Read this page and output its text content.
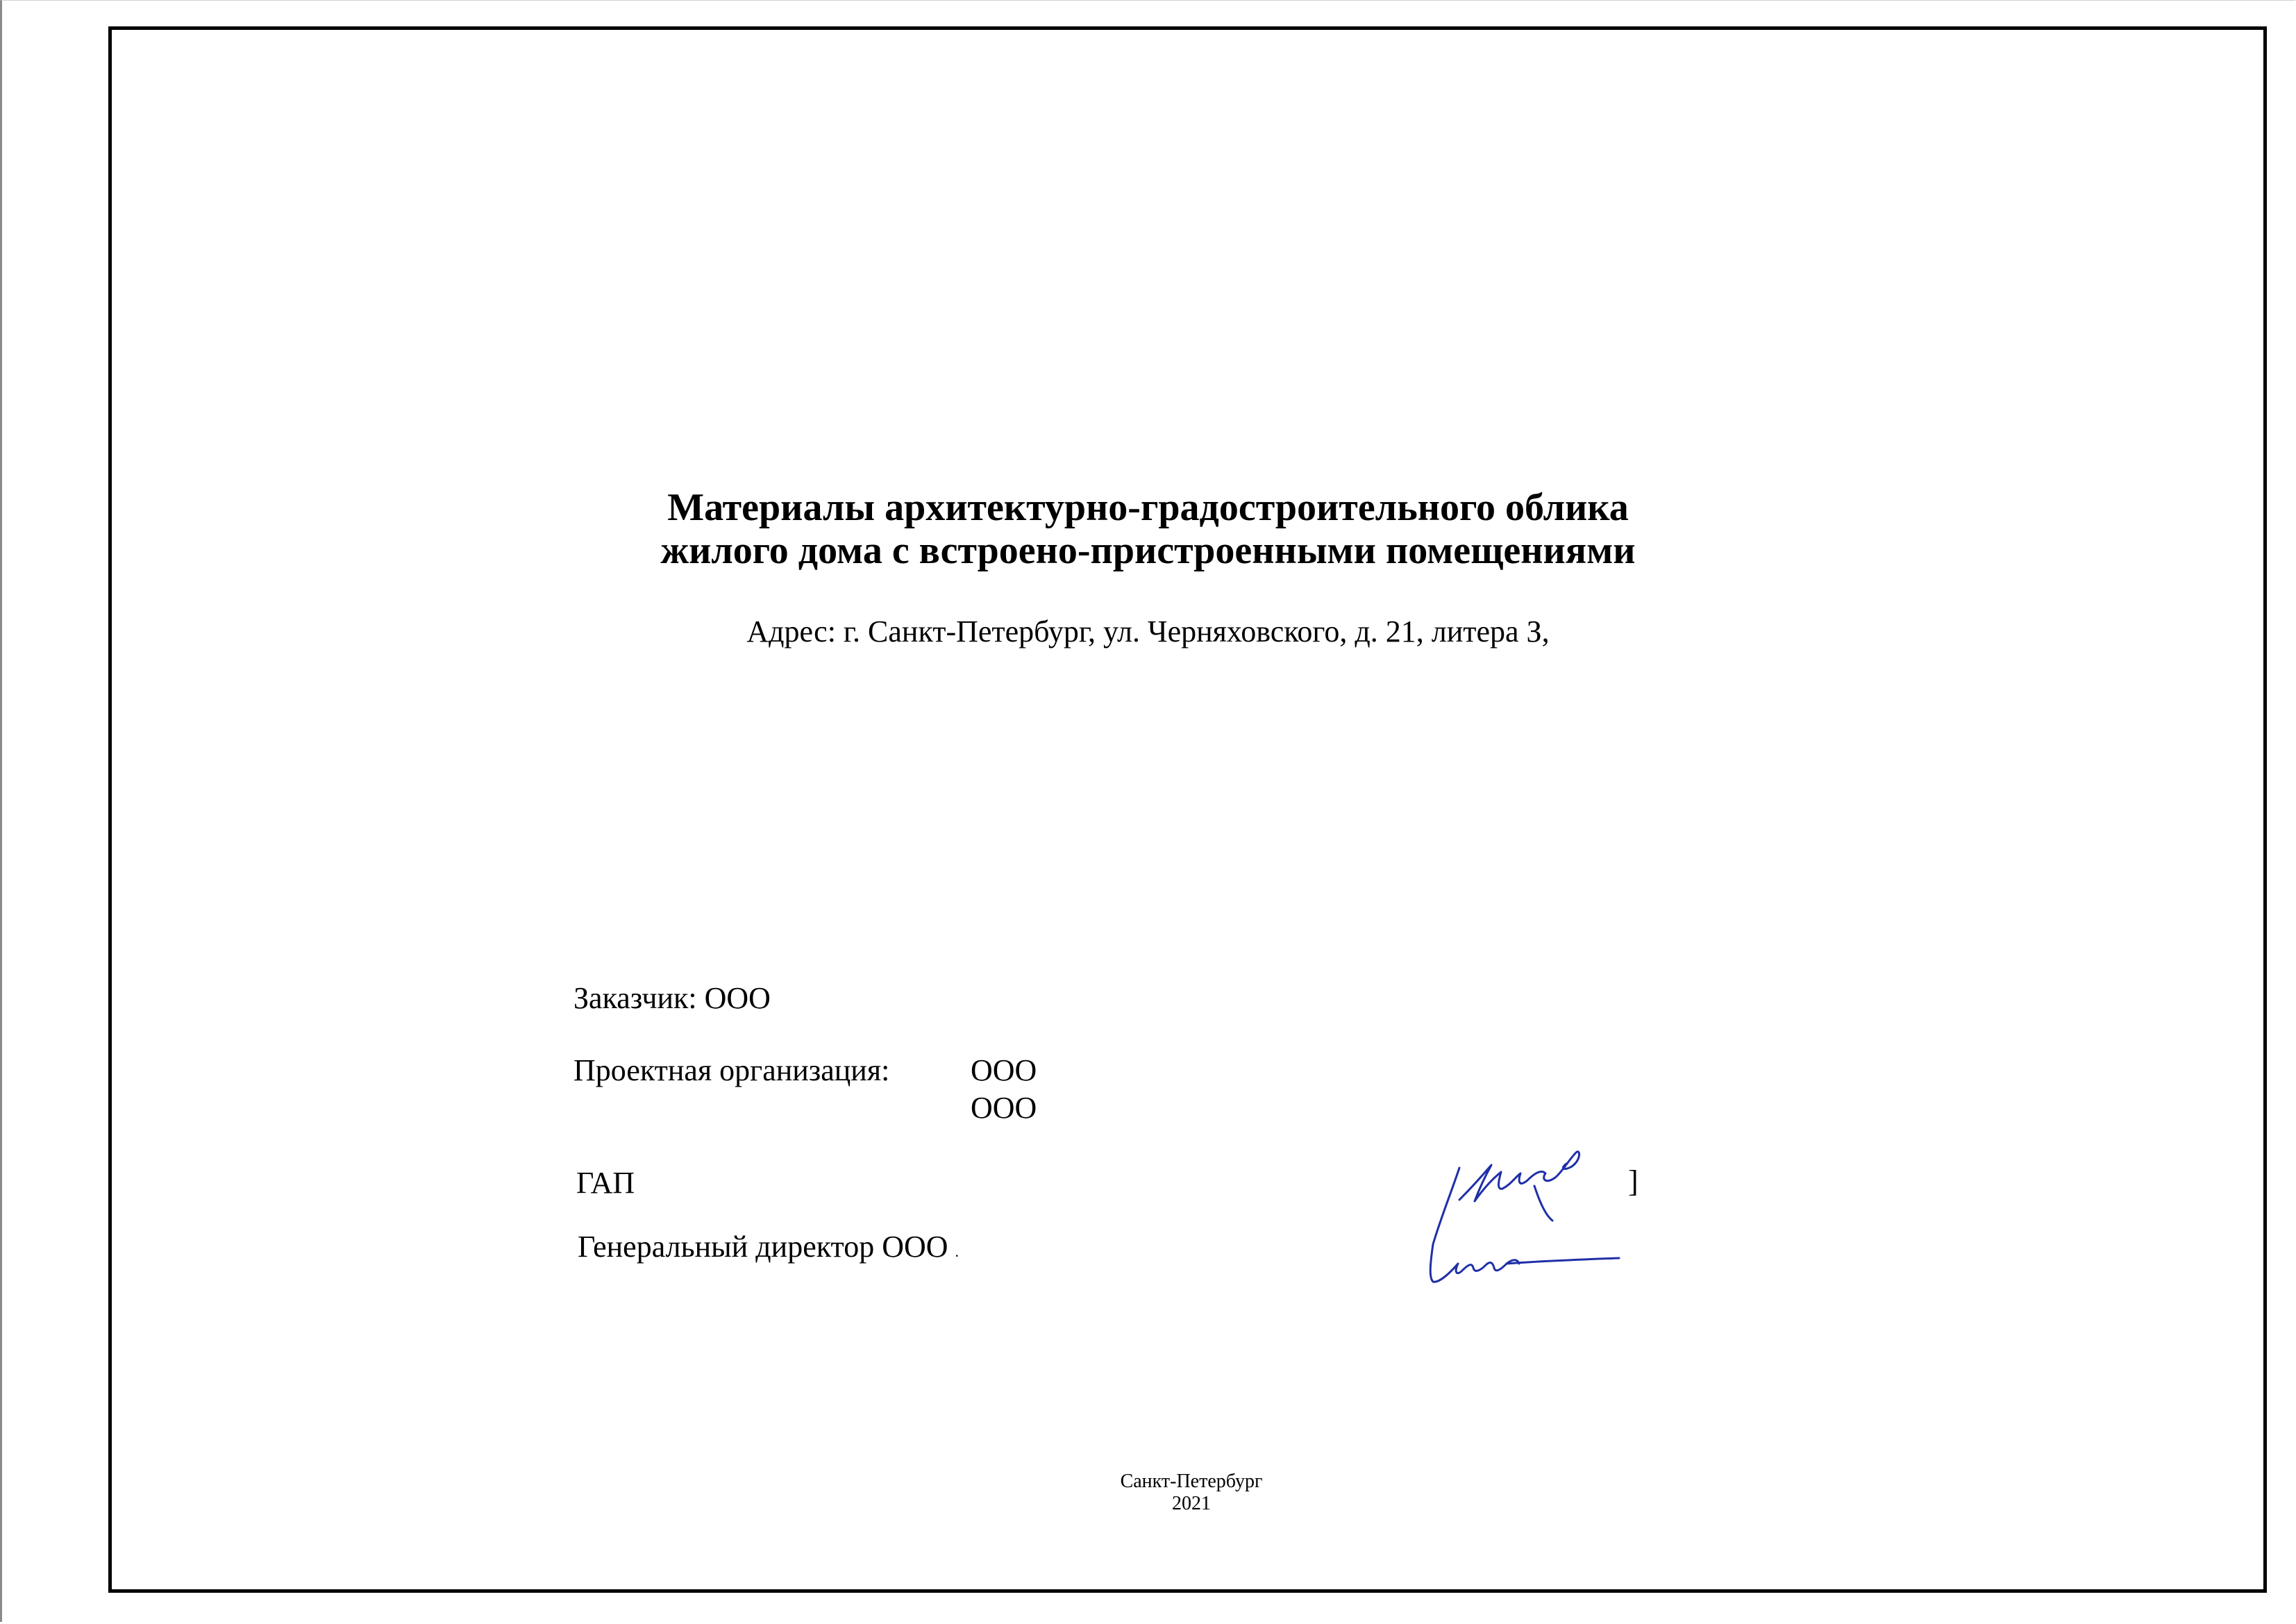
Материалы архитектурно-градостроительного облика
жилого дома с встроено-пристроенными помещениями
Адрес: г. Санкт-Петербург, ул. Черняховского, д. 21, литера З,
Заказчик: ООО
Проектная организация:	ООО
ООО
ГАП	]
Генеральный директор ООО .
Санкт-Петербург
2021
